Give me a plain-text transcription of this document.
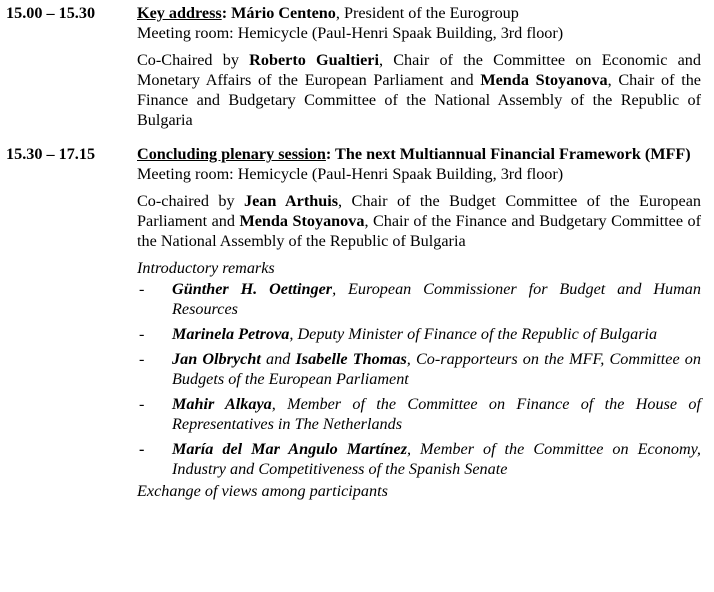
15.00 – 15.30	Key address: Mário Centeno, President of the Eurogroup

Meeting room: Hemicycle (Paul-Henri Spaak Building, 3rd floor)

Co-Chaired by Roberto Gualtieri, Chair of the Committee on Economic and Monetary Affairs of the European Parliament and Menda Stoyanova, Chair of the Finance and Budgetary Committee of the National Assembly of the Republic of Bulgaria

15.30 – 17.15	Concluding plenary session: The next Multiannual Financial Framework (MFF)

Meeting room: Hemicycle (Paul-Henri Spaak Building, 3rd floor)

Co-chaired by Jean Arthuis, Chair of the Budget Committee of the European Parliament and Menda Stoyanova, Chair of the Finance and Budgetary Committee of the National Assembly of the Republic of Bulgaria

Introductory remarks
-	Günther H. Oettinger, European Commissioner for Budget and Human Resources
-	Marinela Petrova, Deputy Minister of Finance of the Republic of Bulgaria
-	Jan Olbrycht and Isabelle Thomas, Co-rapporteurs on the MFF, Committee on Budgets of the European Parliament
-	Mahir Alkaya, Member of the Committee on Finance of the House of Representatives in The Netherlands
-	María del Mar Angulo Martínez, Member of the Committee on Economy, Industry and Competitiveness of the Spanish Senate
Exchange of views among participants
